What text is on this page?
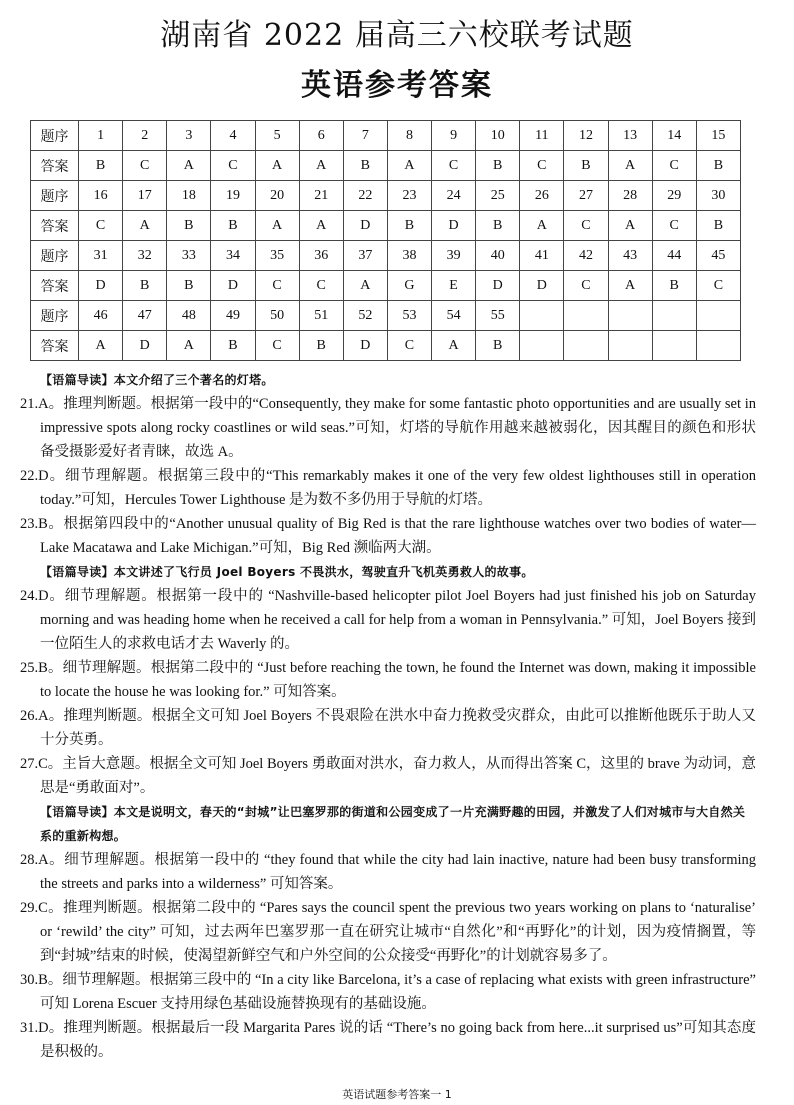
湖南省 2022 届高三六校联考试题
英语参考答案
题序	1	2	3	4	5	6	7	8	9	10	11	12	13	14	15
答案	B	C	A	C	A	A	B	A	C	B	C	B	A	C	B
题序	16	17	18	19	20	21	22	23	24	25	26	27	28	29	30
答案	C	A	B	B	A	A	D	B	D	B	A	C	A	C	B
题序	31	32	33	34	35	36	37	38	39	40	41	42	43	44	45
答案	D	B	B	D	C	C	A	G	E	D	D	C	A	B	C
题序	46	47	48	49	50	51	52	53	54	55					
答案	A	D	A	B	C	B	D	C	A	B					
【语篇导读】本文介绍了三个著名的灯塔。
21.A。推理判断题。根据第一段中的“Consequently, they make for some fantastic photo opportunities and are usually set in impressive spots along rocky coastlines or wild seas.”可知，灯塔的导航作用越来越被弱化，因其醒目的颜色和形状备受摄影爱好者青睐，故选 A。
22.D。细节理解题。根据第三段中的“This remarkably makes it one of the very few oldest lighthouses still in operation today.”可知，Hercules Tower Lighthouse 是为数不多仍用于导航的灯塔。
23.B。根据第四段中的“Another unusual quality of Big Red is that the rare lighthouse watches over two bodies of water—Lake Macatawa and Lake Michigan.”可知，Big Red 濒临两大湖。
【语篇导读】本文讲述了飞行员 Joel Boyers 不畏洪水，驾驶直升飞机英勇救人的故事。
24.D。细节理解题。根据第一段中的 “Nashville-based helicopter pilot Joel Boyers had just finished his job on Saturday morning and was heading home when he received a call for help from a woman in Pennsylvania.” 可知，Joel Boyers 接到一位陌生人的求救电话才去 Waverly 的。
25.B。细节理解题。根据第二段中的 “Just before reaching the town, he found the Internet was down, making it impossible to locate the house he was looking for.” 可知答案。
26.A。推理判断题。根据全文可知 Joel Boyers 不畏艰险在洪水中奋力挽救受灾群众，由此可以推断他既乐于助人又十分英勇。
27.C。主旨大意题。根据全文可知 Joel Boyers 勇敢面对洪水，奋力救人，从而得出答案 C，这里的 brave 为动词，意思是“勇敢面对”。
【语篇导读】本文是说明文，春天的“封城”让巴塞罗那的街道和公园变成了一片充满野趣的田园，并激发了人们对城市与大自然关系的重新构想。
28.A。细节理解题。根据第一段中的 “they found that while the city had lain inactive, nature had been busy transforming the streets and parks into a wilderness” 可知答案。
29.C。推理判断题。根据第二段中的 “Pares says the council spent the previous two years working on plans to ‘naturalise’ or ‘rewild’ the city” 可知，过去两年巴塞罗那一直在研究让城市“自然化”和“再野化”的计划，因为疫情搁置，等到“封城”结束的时候，使渴望新鲜空气和户外空间的公众接受“再野化”的计划就容易多了。
30.B。细节理解题。根据第三段中的 “In a city like Barcelona, it’s a case of replacing what exists with green infrastructure” 可知 Lorena Escuer 支持用绿色基础设施替换现有的基础设施。
31.D。推理判断题。根据最后一段 Margarita Pares 说的话 “There’s no going back from here...it surprised us”可知其态度是积极的。
英语试题参考答案一 1
